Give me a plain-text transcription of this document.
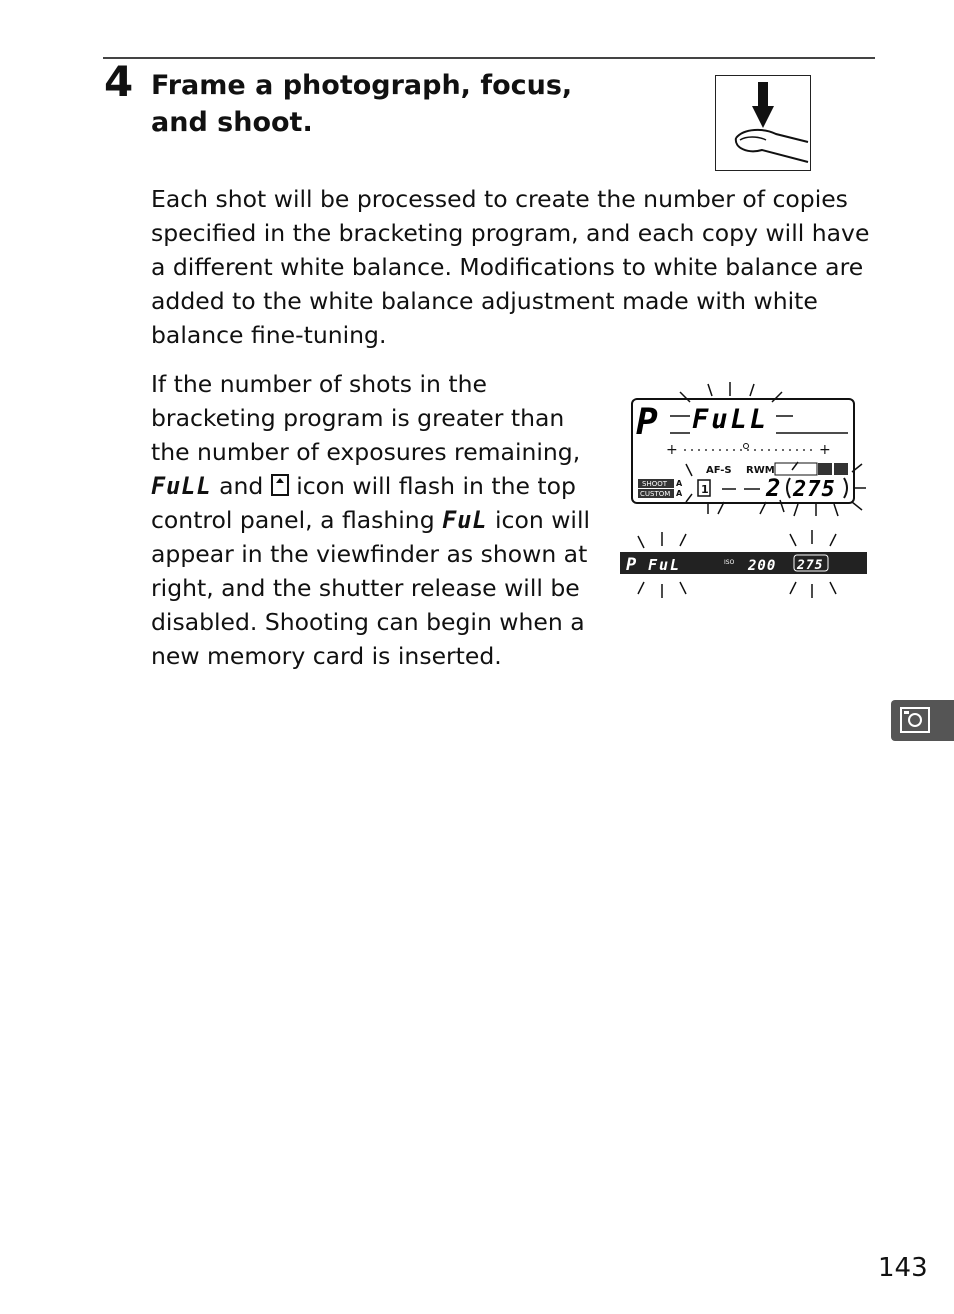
4 Frame a photograph, focus, and shoot.
Each shot will be processed to create the number of copies specified in the bracketing program, and each copy will have a different white balance. Modifications to white balance are added to the white balance adjustment made with white balance fine-tuning.
If the number of shots in the bracketing program is greater than the number of exposures remaining, FuLL and  icon will flash in the top control panel, a flashing FuL icon will appear in the viewfinder as shown at right, and the shutter release will be disabled. Shooting can begin when a new memory card is inserted.
P FuLL
+	+
AF-S RWM
SHOOT A
CUSTOM A 1 2 275
P FuL	ISO 200 275
143
